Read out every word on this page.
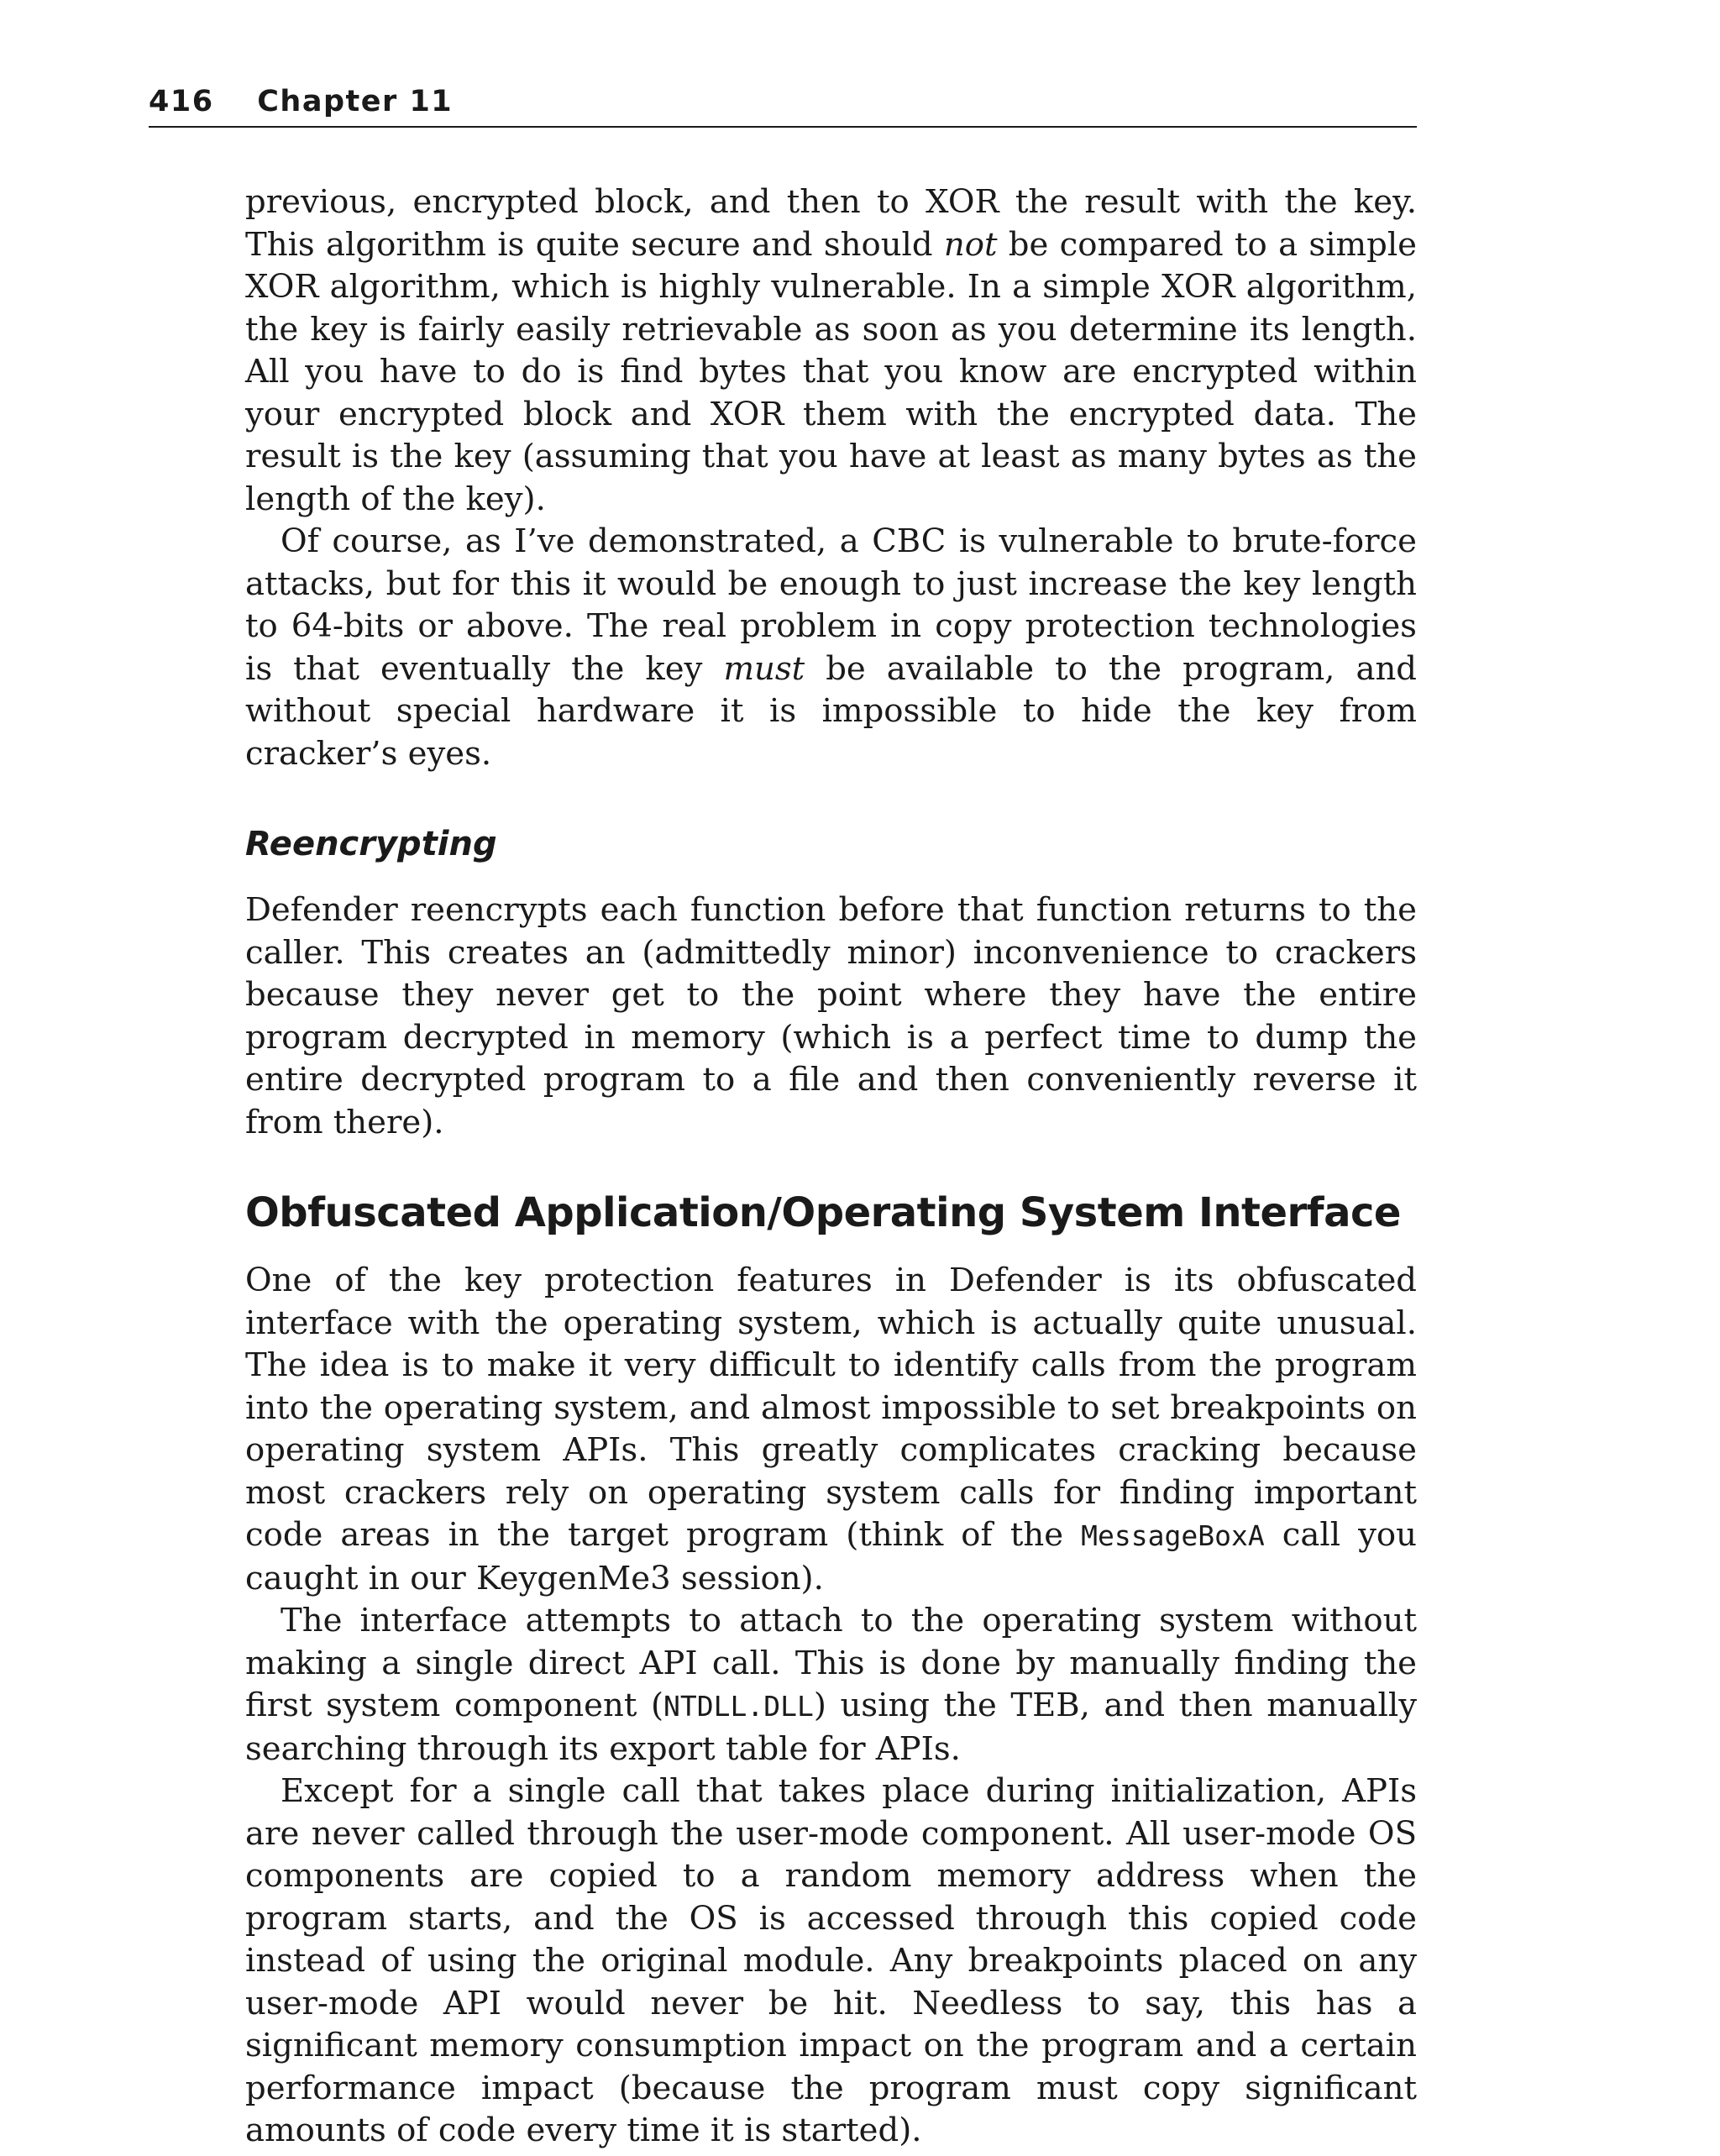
416 Chapter 11

previous, encrypted block, and then to XOR the result with the key. This algorithm is quite secure and should not be compared to a simple XOR algorithm, which is highly vulnerable. In a simple XOR algorithm, the key is fairly easily retrievable as soon as you determine its length. All you have to do is find bytes that you know are encrypted within your encrypted block and XOR them with the encrypted data. The result is the key (assuming that you have at least as many bytes as the length of the key).

Of course, as I’ve demonstrated, a CBC is vulnerable to brute-force attacks, but for this it would be enough to just increase the key length to 64-bits or above. The real problem in copy protection technologies is that eventually the key must be available to the program, and without special hardware it is impossible to hide the key from cracker’s eyes.

Reencrypting

Defender reencrypts each function before that function returns to the caller. This creates an (admittedly minor) inconvenience to crackers because they never get to the point where they have the entire program decrypted in memory (which is a perfect time to dump the entire decrypted program to a file and then conveniently reverse it from there).

Obfuscated Application/Operating System Interface

One of the key protection features in Defender is its obfuscated interface with the operating system, which is actually quite unusual. The idea is to make it very difficult to identify calls from the program into the operating system, and almost impossible to set breakpoints on operating system APIs. This greatly complicates cracking because most crackers rely on operating system calls for finding important code areas in the target program (think of the MessageBoxA call you caught in our KeygenMe3 session).

The interface attempts to attach to the operating system without making a single direct API call. This is done by manually finding the first system component (NTDLL.DLL) using the TEB, and then manually searching through its export table for APIs.

Except for a single call that takes place during initialization, APIs are never called through the user-mode component. All user-mode OS components are copied to a random memory address when the program starts, and the OS is accessed through this copied code instead of using the original module. Any breakpoints placed on any user-mode API would never be hit. Needless to say, this has a significant memory consumption impact on the program and a certain performance impact (because the program must copy significant amounts of code every time it is started).
